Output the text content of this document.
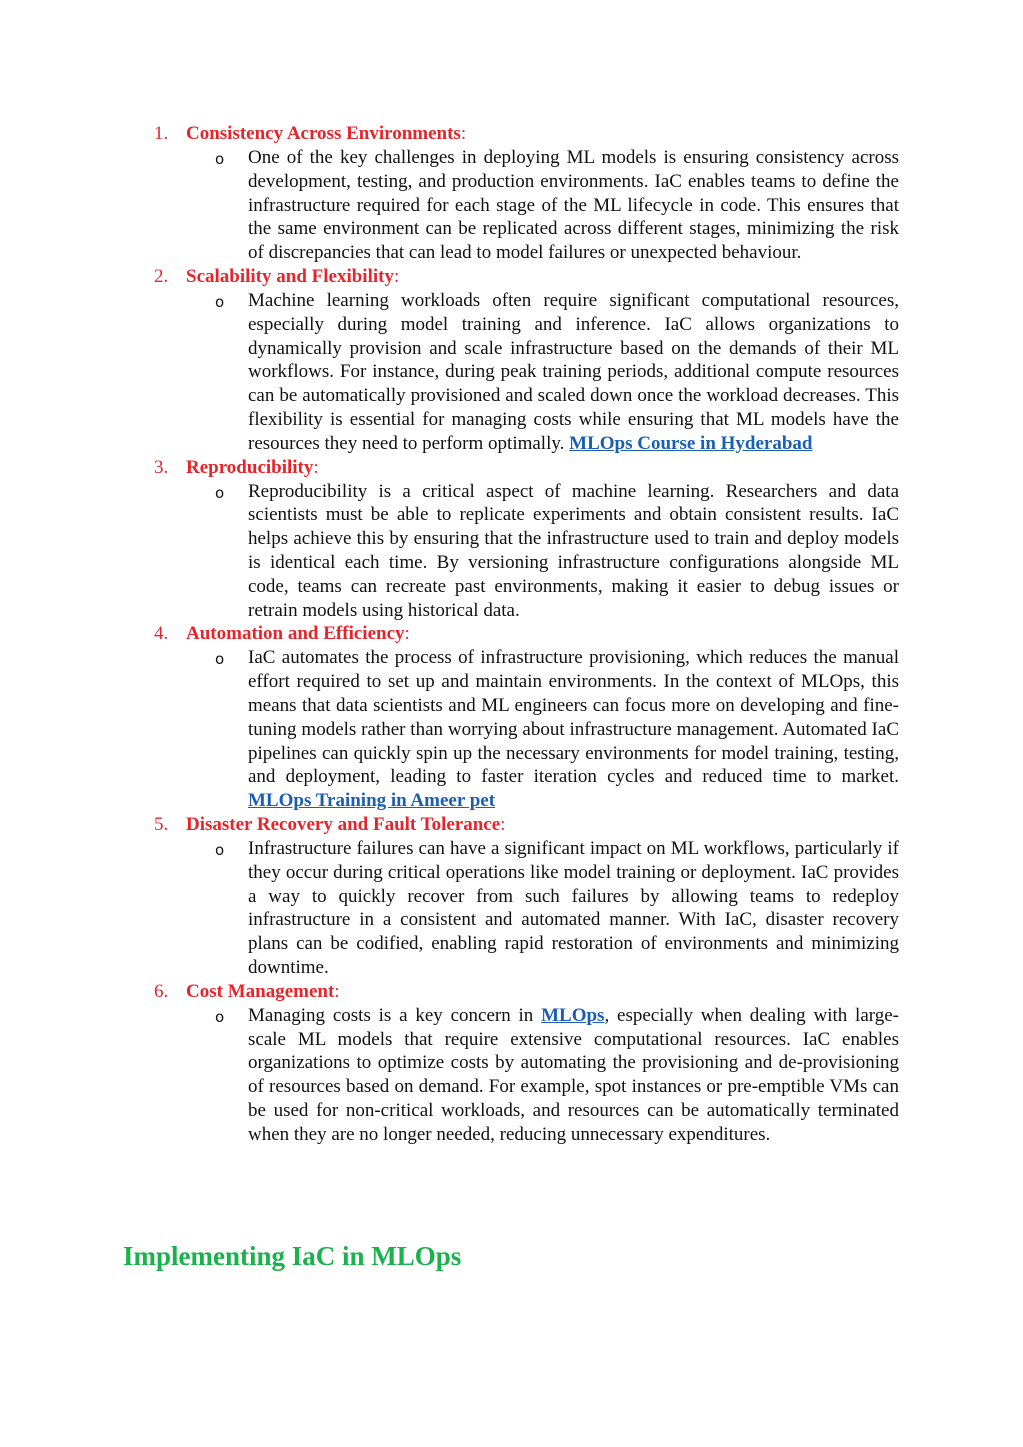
1. Consistency Across Environments:
o One of the key challenges in deploying ML models is ensuring consistency across development, testing, and production environments. IaC enables teams to define the infrastructure required for each stage of the ML lifecycle in code. This ensures that the same environment can be replicated across different stages, minimizing the risk of discrepancies that can lead to model failures or unexpected behaviour.
2. Scalability and Flexibility:
o Machine learning workloads often require significant computational resources, especially during model training and inference. IaC allows organizations to dynamically provision and scale infrastructure based on the demands of their ML workflows. For instance, during peak training periods, additional compute resources can be automatically provisioned and scaled down once the workload decreases. This flexibility is essential for managing costs while ensuring that ML models have the resources they need to perform optimally. MLOps Course in Hyderabad
3. Reproducibility:
o Reproducibility is a critical aspect of machine learning. Researchers and data scientists must be able to replicate experiments and obtain consistent results. IaC helps achieve this by ensuring that the infrastructure used to train and deploy models is identical each time. By versioning infrastructure configurations alongside ML code, teams can recreate past environments, making it easier to debug issues or retrain models using historical data.
4. Automation and Efficiency:
o IaC automates the process of infrastructure provisioning, which reduces the manual effort required to set up and maintain environments. In the context of MLOps, this means that data scientists and ML engineers can focus more on developing and fine-tuning models rather than worrying about infrastructure management. Automated IaC pipelines can quickly spin up the necessary environments for model training, testing, and deployment, leading to faster iteration cycles and reduced time to market. MLOps Training in Ameer pet
5. Disaster Recovery and Fault Tolerance:
o Infrastructure failures can have a significant impact on ML workflows, particularly if they occur during critical operations like model training or deployment. IaC provides a way to quickly recover from such failures by allowing teams to redeploy infrastructure in a consistent and automated manner. With IaC, disaster recovery plans can be codified, enabling rapid restoration of environments and minimizing downtime.
6. Cost Management:
o Managing costs is a key concern in MLOps, especially when dealing with large-scale ML models that require extensive computational resources. IaC enables organizations to optimize costs by automating the provisioning and de-provisioning of resources based on demand. For example, spot instances or pre-emptible VMs can be used for non-critical workloads, and resources can be automatically terminated when they are no longer needed, reducing unnecessary expenditures.
Implementing IaC in MLOps
